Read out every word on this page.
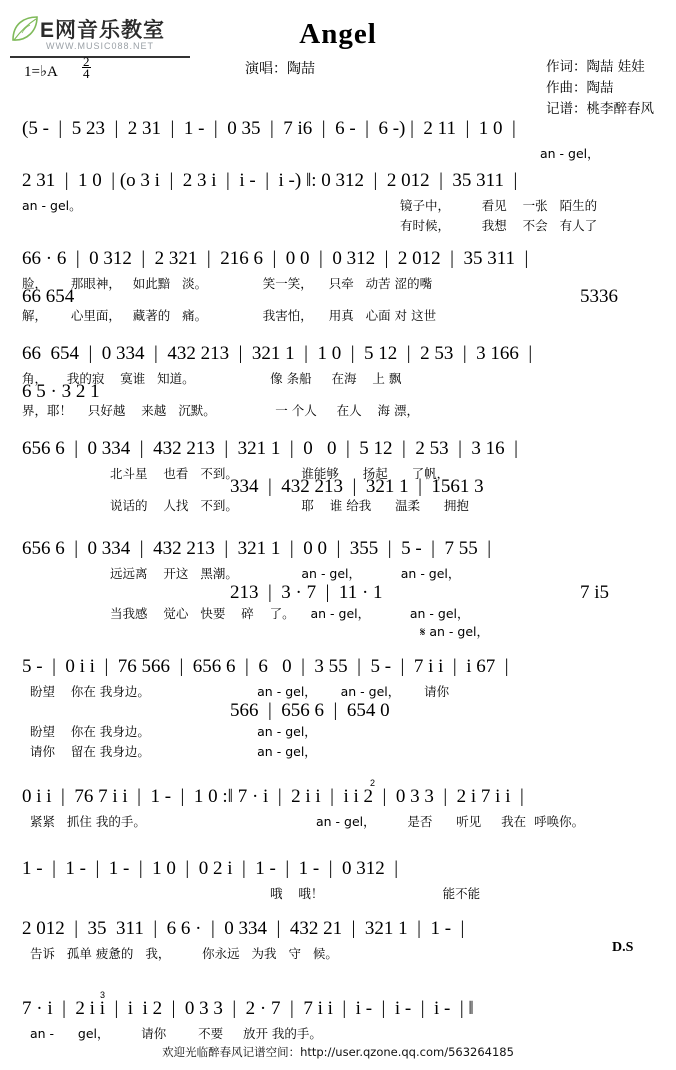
E网音乐教室
WWW.MUSIC088.NET	Angel
演唱：陶喆	作词：陶喆 娃娃
作曲：陶喆
记谱：桃李醉春风
1=♭A $\frac{2}{4}$
(5 -  |  5 23  |  2 31  |  1 -  |  0 35  |  7 i6  |  6 -  |  6 -) |  2 11  |  1 0  |
an - gel，
2 31  |  1 0  | (o 3 i  |  2 3 i  |  i -  |  i -) ‖: 0 312  |  2 012  |  35 311  |
an - gel。	镜子中，        看见    一张   陌生的
有时候，        我想    不会   有人了
66 · 6  |  0 312  |  2 321  |  216 6  |  0 0  |  0 312  |  2 012  |  35 311  |
66 654	5336
脸，      那眼神，   如此黯   淡。              笑一笑，    只牵   动苦 涩的嘴
解，      心里面，   藏著的   痛。              我害怕，    用真   心面 对 这世
66  654  |  0 334  |  432 213  |  321 1  |  1 0  |  5 12  |  2 53  |  3 166  |
6 5 · 3 2 1
角，     我的寂    寞谁   知道。                   像 条船     在海    上 飘
界，耶！    只好越    来越   沉默。               一 个人     在人    海 漂，
656 6  |  0 334  |  432 213  |  321 1  |  0   0  |  5 12  |  2 53  |  3 16  |
334  |  432 213  |  321 1  |  1561 3
北斗星    也看   不到。                谁能够      扬起      了帆，
说话的    人找   不到。                耶    谁 给我      温柔      拥抱
656 6  |  0 334  |  432 213  |  321 1  |  0 0  |  355  |  5 -  |  7 55  |
213  |  3 · 7  |  11 · 1	7 i5
𝄋 an - gel，
远远离    开这   黑潮。                an - gel，          an - gel，
当我感    觉心   快要    碎    了。    an - gel，          an - gel，
5 -  |  0 i i  |  76 566  |  656 6  |  6   0  |  3 55  |  5 -  |  7 i i  |  i 67  |
566  |  656 6  |  654 0
盼望    你在 我身边。                           an - gel，      an - gel，      请你
盼望    你在 我身边。                           an - gel，
请你    留在 我身边。                           an - gel，
0 i i  |  76 7 i i  |  1 -  |  1 0 :‖ 7 · i  |  2 i i  |  i i 2  |  0 3 3  |  2 i 7 i i  |
2
紧紧   抓住 我的手。	an - gel，        是否      听见     我在  呼唤你。
1 -  |  1 -  |  1 -  |  1 0  |  0 2 i  |  1 -  |  1 -  |  0 312  |
哦    哦！                              能不能
2 012  |  35  311  |  6 6 ·  |  0 334  |  432 21  |  321 1  |  1 -  |
D.S
告诉   孤单 疲惫的   我，        你永远   为我   守   候。
7 · i  |  2 i i  |  i  i 2  |  0 3 3  |  2 · 7  |  7 i i  |  i -  |  i -  |  i -  | ‖
3
an -      gel，        请你        不要     放开 我的手。
欢迎光临醉春风记谱空间：http://user.qzone.qq.com/563264185
